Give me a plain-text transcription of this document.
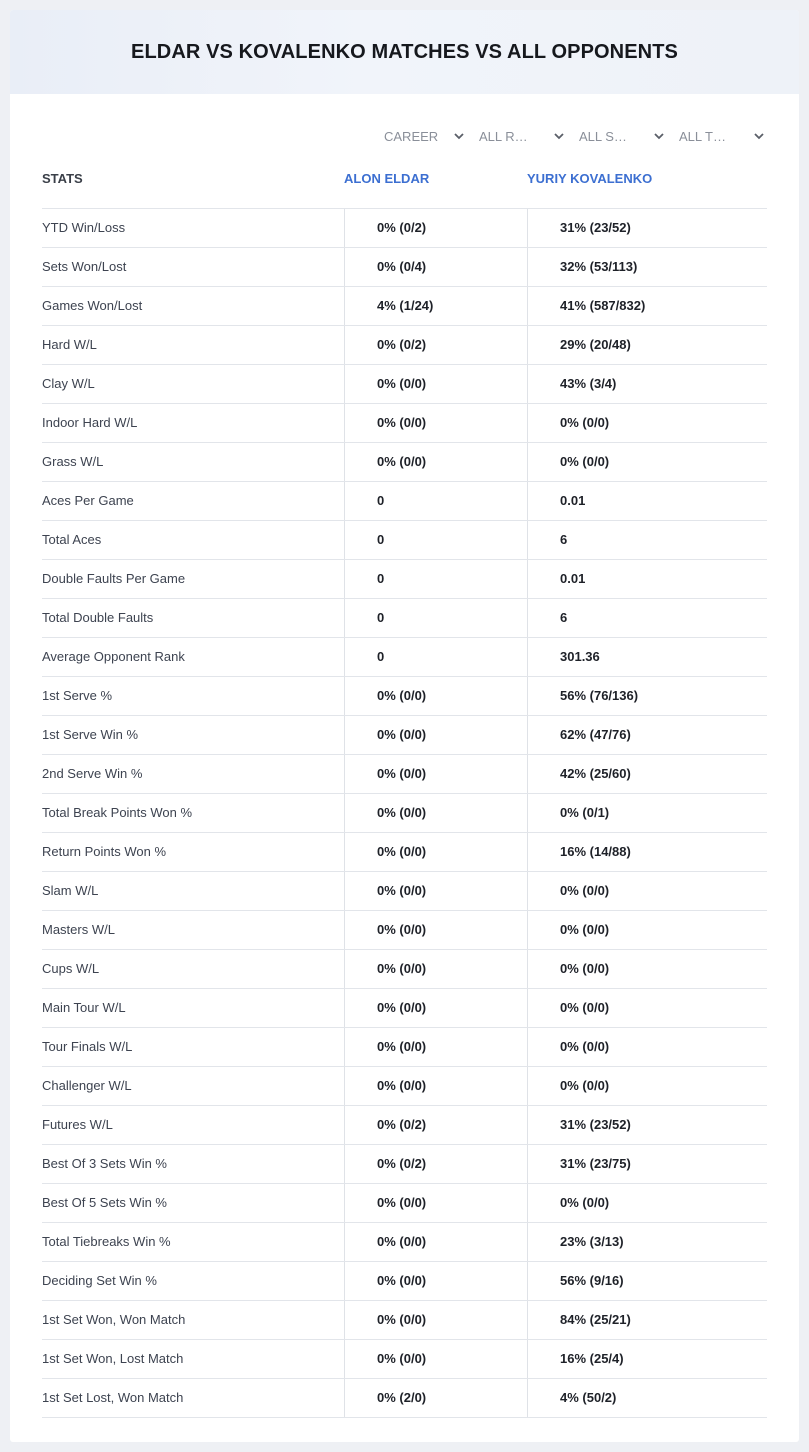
ELDAR VS KOVALENKO MATCHES VS ALL OPPONENTS
CAREER	ALL R…	ALL S…	ALL T…
STATS	ALON ELDAR	YURIY KOVALENKO
YTD Win/Loss	0% (0/2)	31% (23/52)
Sets Won/Lost	0% (0/4)	32% (53/113)
Games Won/Lost	4% (1/24)	41% (587/832)
Hard W/L	0% (0/2)	29% (20/48)
Clay W/L	0% (0/0)	43% (3/4)
Indoor Hard W/L	0% (0/0)	0% (0/0)
Grass W/L	0% (0/0)	0% (0/0)
Aces Per Game	0	0.01
Total Aces	0	6
Double Faults Per Game	0	0.01
Total Double Faults	0	6
Average Opponent Rank	0	301.36
1st Serve %	0% (0/0)	56% (76/136)
1st Serve Win %	0% (0/0)	62% (47/76)
2nd Serve Win %	0% (0/0)	42% (25/60)
Total Break Points Won %	0% (0/0)	0% (0/1)
Return Points Won %	0% (0/0)	16% (14/88)
Slam W/L	0% (0/0)	0% (0/0)
Masters W/L	0% (0/0)	0% (0/0)
Cups W/L	0% (0/0)	0% (0/0)
Main Tour W/L	0% (0/0)	0% (0/0)
Tour Finals W/L	0% (0/0)	0% (0/0)
Challenger W/L	0% (0/0)	0% (0/0)
Futures W/L	0% (0/2)	31% (23/52)
Best Of 3 Sets Win %	0% (0/2)	31% (23/75)
Best Of 5 Sets Win %	0% (0/0)	0% (0/0)
Total Tiebreaks Win %	0% (0/0)	23% (3/13)
Deciding Set Win %	0% (0/0)	56% (9/16)
1st Set Won, Won Match	0% (0/0)	84% (25/21)
1st Set Won, Lost Match	0% (0/0)	16% (25/4)
1st Set Lost, Won Match	0% (2/0)	4% (50/2)
